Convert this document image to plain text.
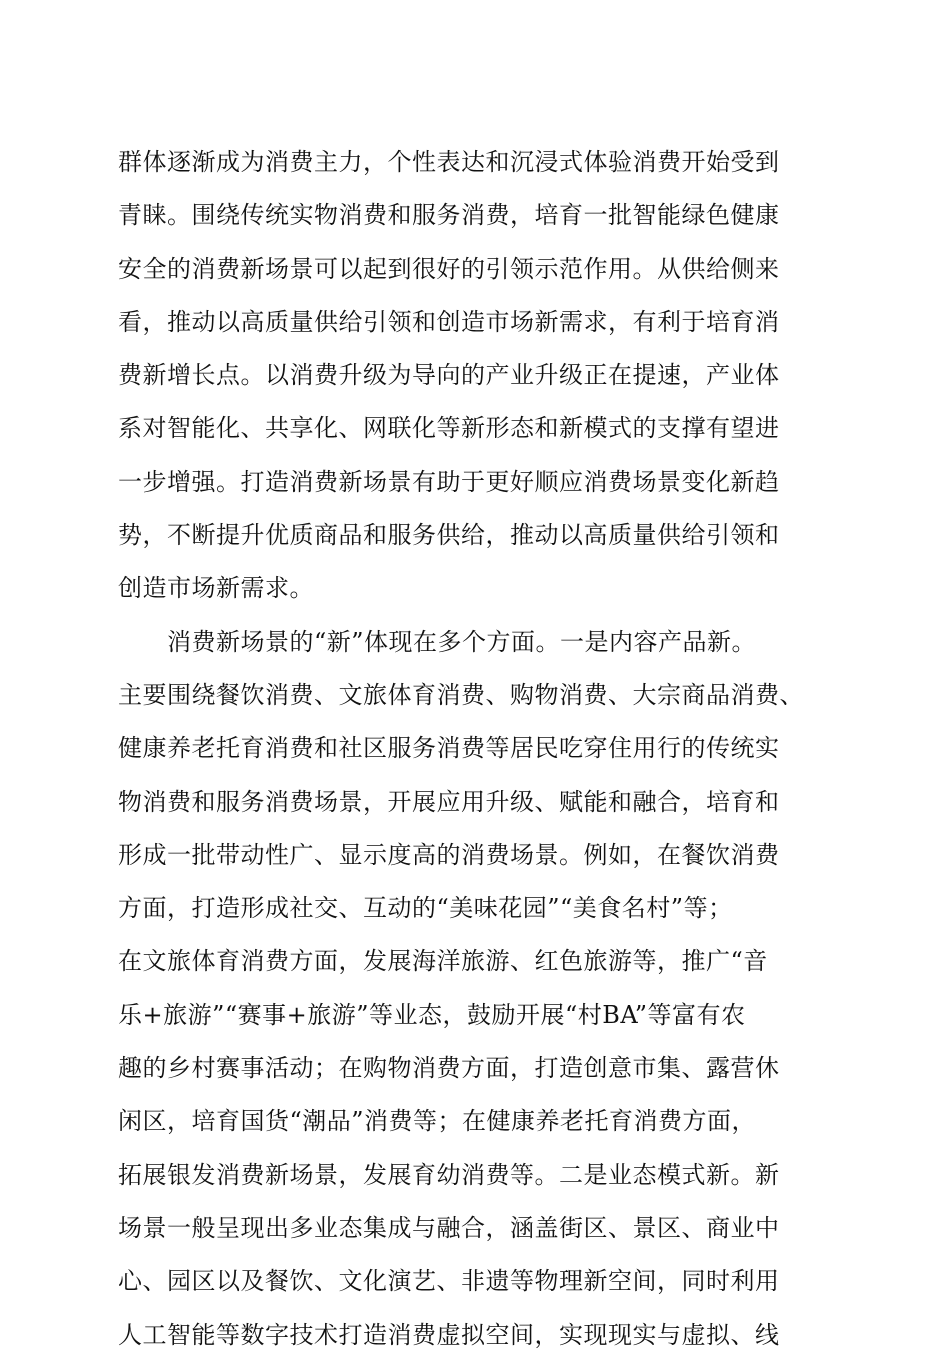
群体逐渐成为消费主力，个性表达和沉浸式体验消费开始受到
青睐。围绕传统实物消费和服务消费，培育一批智能绿色健康
安全的消费新场景可以起到很好的引领示范作用。从供给侧来
看，推动以高质量供给引领和创造市场新需求，有利于培育消
费新增长点。以消费升级为导向的产业升级正在提速，产业体
系对智能化、共享化、网联化等新形态和新模式的支撑有望进
一步增强。打造消费新场景有助于更好顺应消费场景变化新趋
势，不断提升优质商品和服务供给，推动以高质量供给引领和
创造市场新需求。
　　消费新场景的“新”体现在多个方面。一是内容产品新。
主要围绕餐饮消费、文旅体育消费、购物消费、大宗商品消费、
健康养老托育消费和社区服务消费等居民吃穿住用行的传统实
物消费和服务消费场景，开展应用升级、赋能和融合，培育和
形成一批带动性广、显示度高的消费场景。例如，在餐饮消费
方面，打造形成社交、互动的“美味花园”“美食名村”等；
在文旅体育消费方面，发展海洋旅游、红色旅游等，推广“音
乐+旅游”“赛事+旅游”等业态，鼓励开展“村BA”等富有农
趣的乡村赛事活动；在购物消费方面，打造创意市集、露营休
闲区，培育国货“潮品”消费等；在健康养老托育消费方面，
拓展银发消费新场景，发展育幼消费等。二是业态模式新。新
场景一般呈现出多业态集成与融合，涵盖街区、景区、商业中
心、园区以及餐饮、文化演艺、非遗等物理新空间，同时利用
人工智能等数字技术打造消费虚拟空间，实现现实与虚拟、线
